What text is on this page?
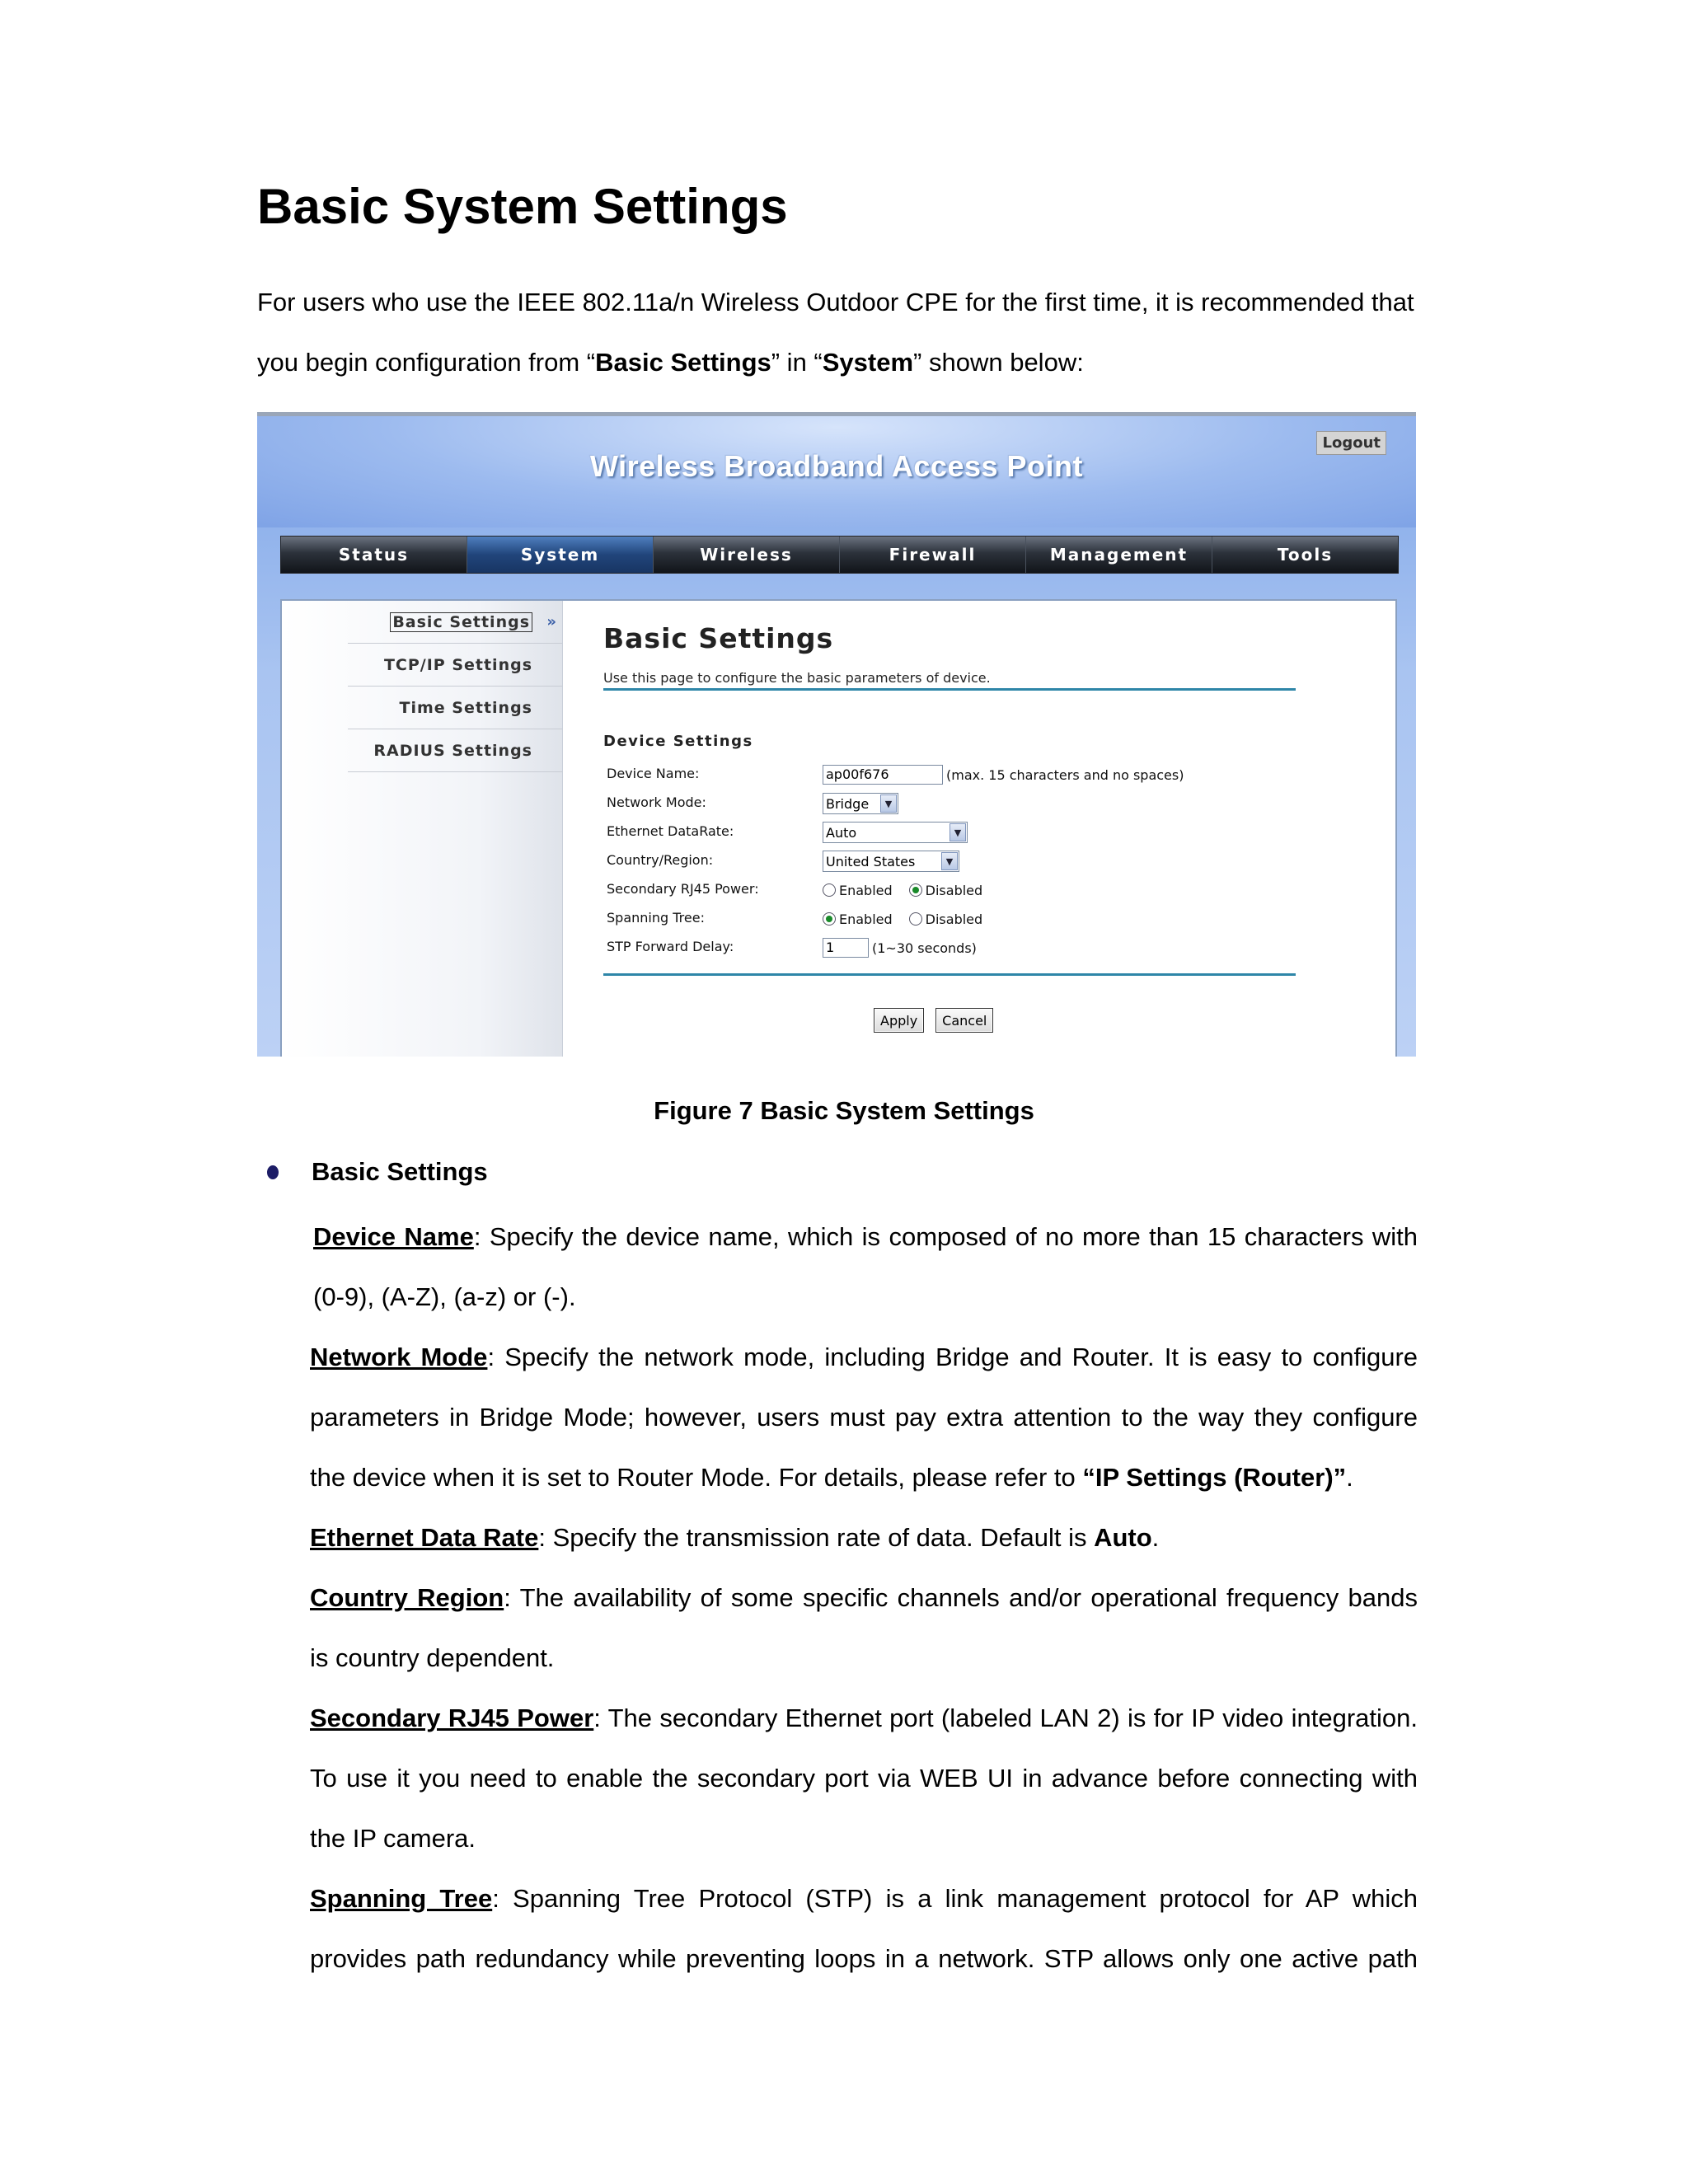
Basic System Settings

For users who use the IEEE 802.11a/n Wireless Outdoor CPE for the first time, it is recommended that
you begin configuration from “Basic Settings” in “System” shown below:

Wireless Broadband Access Point
Logout
Status	System	Wireless	Firewall	Management	Tools
Basic Settings »
TCP/IP Settings
Time Settings
RADIUS Settings
Basic Settings
Use this page to configure the basic parameters of device.
Device Settings
Device Name:	ap00f676	(max. 15 characters and no spaces)
Network Mode:	Bridge	▼
Ethernet DataRate:	Auto	▼
Country/Region:	United States	▼
Secondary RJ45 Power:	Enabled	Disabled
Spanning Tree:	Enabled	Disabled
STP Forward Delay:	1	(1~30 seconds)
Apply	Cancel
Figure 7 Basic System Settings
Basic Settings

Device Name: Specify the device name, which is composed of no more than 15 characters with (0-9), (A-Z), (a-z) or (-).

Network Mode: Specify the network mode, including Bridge and Router. It is easy to configure parameters in Bridge Mode; however, users must pay extra attention to the way they configure the device when it is set to Router Mode. For details, please refer to “IP Settings (Router)”.

Ethernet Data Rate: Specify the transmission rate of data. Default is Auto.

Country Region: The availability of some specific channels and/or operational frequency bands is country dependent.

Secondary RJ45 Power: The secondary Ethernet port (labeled LAN 2) is for IP video integration. To use it you need to enable the secondary port via WEB UI in advance before connecting with the IP camera.

Spanning Tree: Spanning Tree Protocol (STP) is a link management protocol for AP which provides path redundancy while preventing loops in a network. STP allows only one active path
